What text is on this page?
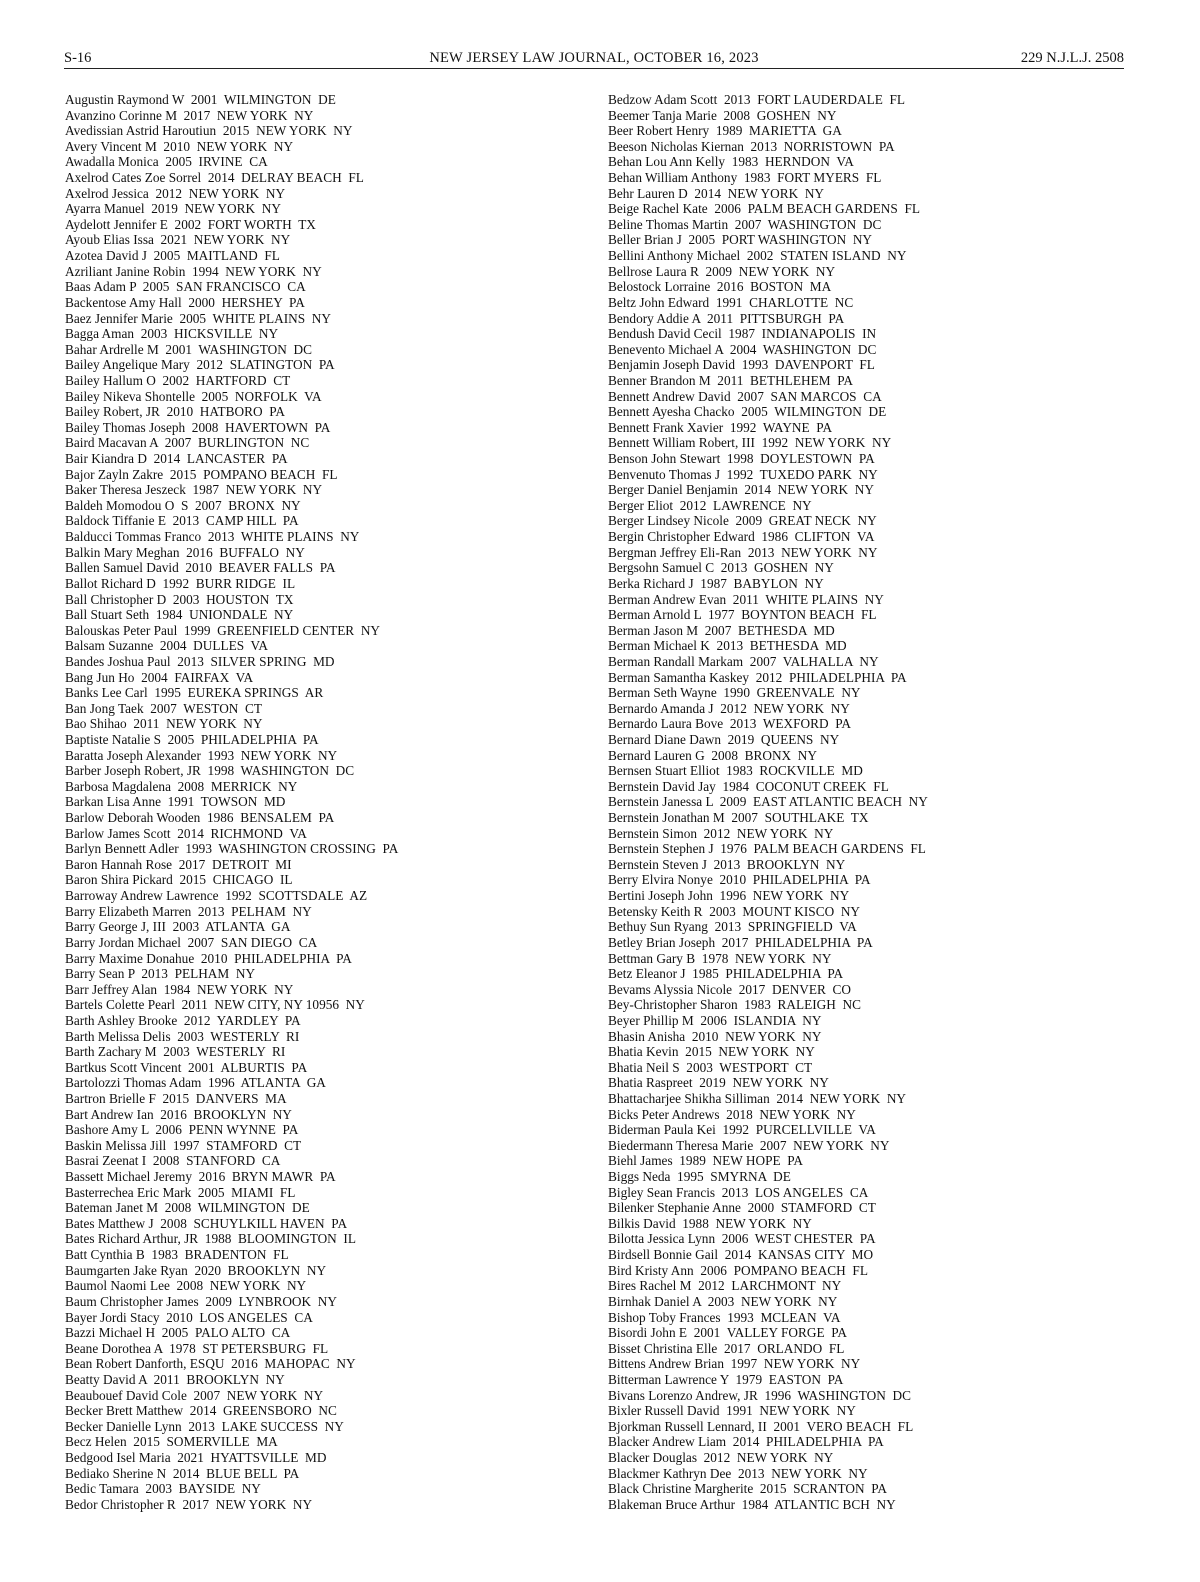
S-16	NEW JERSEY LAW JOURNAL, OCTOBER 16, 2023	229 N.J.L.J. 2508
Augustin Raymond W  2001  WILMINGTON  DE
Avanzino Corinne M  2017  NEW YORK  NY
Avedissian Astrid Haroutiun  2015  NEW YORK  NY
Avery Vincent M  2010  NEW YORK  NY
Awadalla Monica  2005  IRVINE  CA
Axelrod Cates Zoe Sorrel  2014  DELRAY BEACH  FL
Axelrod Jessica  2012  NEW YORK  NY
Ayarra Manuel  2019  NEW YORK  NY
Aydelott Jennifer E  2002  FORT WORTH  TX
Ayoub Elias Issa  2021  NEW YORK  NY
Azotea David J  2005  MAITLAND  FL
Azriliant Janine Robin  1994  NEW YORK  NY
Baas Adam P  2005  SAN FRANCISCO  CA
Backentose Amy Hall  2000  HERSHEY  PA
Baez Jennifer Marie  2005  WHITE PLAINS  NY
Bagga Aman  2003  HICKSVILLE  NY
Bahar Ardrelle M  2001  WASHINGTON  DC
Bailey Angelique Mary  2012  SLATINGTON  PA
Bailey Hallum O  2002  HARTFORD  CT
Bailey Nikeva Shontelle  2005  NORFOLK  VA
Bailey Robert, JR  2010  HATBORO  PA
Bailey Thomas Joseph  2008  HAVERTOWN  PA
Baird Macavan A  2007  BURLINGTON  NC
Bair Kiandra D  2014  LANCASTER  PA
Bajor Zayln Zakre  2015  POMPANO BEACH  FL
Baker Theresa Jeszeck  1987  NEW YORK  NY
Baldeh Momodou O  S  2007  BRONX  NY
Baldock Tiffanie E  2013  CAMP HILL  PA
Balducci Tommas Franco  2013  WHITE PLAINS  NY
Balkin Mary Meghan  2016  BUFFALO  NY
Ballen Samuel David  2010  BEAVER FALLS  PA
Ballot Richard D  1992  BURR RIDGE  IL
Ball Christopher D  2003  HOUSTON  TX
Ball Stuart Seth  1984  UNIONDALE  NY
Balouskas Peter Paul  1999  GREENFIELD CENTER  NY
Balsam Suzanne  2004  DULLES  VA
Bandes Joshua Paul  2013  SILVER SPRING  MD
Bang Jun Ho  2004  FAIRFAX  VA
Banks Lee Carl  1995  EUREKA SPRINGS  AR
Ban Jong Taek  2007  WESTON  CT
Bao Shihao  2011  NEW YORK  NY
Baptiste Natalie S  2005  PHILADELPHIA  PA
Baratta Joseph Alexander  1993  NEW YORK  NY
Barber Joseph Robert, JR  1998  WASHINGTON  DC
Barbosa Magdalena  2008  MERRICK  NY
Barkan Lisa Anne  1991  TOWSON  MD
Barlow Deborah Wooden  1986  BENSALEM  PA
Barlow James Scott  2014  RICHMOND  VA
Barlyn Bennett Adler  1993  WASHINGTON CROSSING  PA
Baron Hannah Rose  2017  DETROIT  MI
Baron Shira Pickard  2015  CHICAGO  IL
Barroway Andrew Lawrence  1992  SCOTTSDALE  AZ
Barry Elizabeth Marren  2013  PELHAM  NY
Barry George J, III  2003  ATLANTA  GA
Barry Jordan Michael  2007  SAN DIEGO  CA
Barry Maxime Donahue  2010  PHILADELPHIA  PA
Barry Sean P  2013  PELHAM  NY
Barr Jeffrey Alan  1984  NEW YORK  NY
Bartels Colette Pearl  2011  NEW CITY, NY 10956  NY
Barth Ashley Brooke  2012  YARDLEY  PA
Barth Melissa Delis  2003  WESTERLY  RI
Barth Zachary M  2003  WESTERLY  RI
Bartkus Scott Vincent  2001  ALBURTIS  PA
Bartolozzi Thomas Adam  1996  ATLANTA  GA
Bartron Brielle F  2015  DANVERS  MA
Bart Andrew Ian  2016  BROOKLYN  NY
Bashore Amy L  2006  PENN WYNNE  PA
Baskin Melissa Jill  1997  STAMFORD  CT
Basrai Zeenat I  2008  STANFORD  CA
Bassett Michael Jeremy  2016  BRYN MAWR  PA
Basterrechea Eric Mark  2005  MIAMI  FL
Bateman Janet M  2008  WILMINGTON  DE
Bates Matthew J  2008  SCHUYLKILL HAVEN  PA
Bates Richard Arthur, JR  1988  BLOOMINGTON  IL
Batt Cynthia B  1983  BRADENTON  FL
Baumgarten Jake Ryan  2020  BROOKLYN  NY
Baumol Naomi Lee  2008  NEW YORK  NY
Baum Christopher James  2009  LYNBROOK  NY
Bayer Jordi Stacy  2010  LOS ANGELES  CA
Bazzi Michael H  2005  PALO ALTO  CA
Beane Dorothea A  1978  ST PETERSBURG  FL
Bean Robert Danforth, ESQU  2016  MAHOPAC  NY
Beatty David A  2011  BROOKLYN  NY
Beaubouef David Cole  2007  NEW YORK  NY
Becker Brett Matthew  2014  GREENSBORO  NC
Becker Danielle Lynn  2013  LAKE SUCCESS  NY
Becz Helen  2015  SOMERVILLE  MA
Bedgood Isel Maria  2021  HYATTSVILLE  MD
Bediako Sherine N  2014  BLUE BELL  PA
Bedic Tamara  2003  BAYSIDE  NY
Bedor Christopher R  2017  NEW YORK  NY
Bedzow Adam Scott  2013  FORT LAUDERDALE  FL
Beemer Tanja Marie  2008  GOSHEN  NY
Beer Robert Henry  1989  MARIETTA  GA
Beeson Nicholas Kiernan  2013  NORRISTOWN  PA
Behan Lou Ann Kelly  1983  HERNDON  VA
Behan William Anthony  1983  FORT MYERS  FL
Behr Lauren D  2014  NEW YORK  NY
Beige Rachel Kate  2006  PALM BEACH GARDENS  FL
Beline Thomas Martin  2007  WASHINGTON  DC
Beller Brian J  2005  PORT WASHINGTON  NY
Bellini Anthony Michael  2002  STATEN ISLAND  NY
Bellrose Laura R  2009  NEW YORK  NY
Belostock Lorraine  2016  BOSTON  MA
Beltz John Edward  1991  CHARLOTTE  NC
Bendory Addie A  2011  PITTSBURGH  PA
Bendush David Cecil  1987  INDIANAPOLIS  IN
Benevento Michael A  2004  WASHINGTON  DC
Benjamin Joseph David  1993  DAVENPORT  FL
Benner Brandon M  2011  BETHLEHEM  PA
Bennett Andrew David  2007  SAN MARCOS  CA
Bennett Ayesha Chacko  2005  WILMINGTON  DE
Bennett Frank Xavier  1992  WAYNE  PA
Bennett William Robert, III  1992  NEW YORK  NY
Benson John Stewart  1998  DOYLESTOWN  PA
Benvenuto Thomas J  1992  TUXEDO PARK  NY
Berger Daniel Benjamin  2014  NEW YORK  NY
Berger Eliot  2012  LAWRENCE  NY
Berger Lindsey Nicole  2009  GREAT NECK  NY
Bergin Christopher Edward  1986  CLIFTON  VA
Bergman Jeffrey Eli-Ran  2013  NEW YORK  NY
Bergsohn Samuel C  2013  GOSHEN  NY
Berka Richard J  1987  BABYLON  NY
Berman Andrew Evan  2011  WHITE PLAINS  NY
Berman Arnold L  1977  BOYNTON BEACH  FL
Berman Jason M  2007  BETHESDA  MD
Berman Michael K  2013  BETHESDA  MD
Berman Randall Markam  2007  VALHALLA  NY
Berman Samantha Kaskey  2012  PHILADELPHIA  PA
Berman Seth Wayne  1990  GREENVALE  NY
Bernardo Amanda J  2012  NEW YORK  NY
Bernardo Laura Bove  2013  WEXFORD  PA
Bernard Diane Dawn  2019  QUEENS  NY
Bernard Lauren G  2008  BRONX  NY
Bernsen Stuart Elliot  1983  ROCKVILLE  MD
Bernstein David Jay  1984  COCONUT CREEK  FL
Bernstein Janessa L  2009  EAST ATLANTIC BEACH  NY
Bernstein Jonathan M  2007  SOUTHLAKE  TX
Bernstein Simon  2012  NEW YORK  NY
Bernstein Stephen J  1976  PALM BEACH GARDENS  FL
Bernstein Steven J  2013  BROOKLYN  NY
Berry Elvira Nonye  2010  PHILADELPHIA  PA
Bertini Joseph John  1996  NEW YORK  NY
Betensky Keith R  2003  MOUNT KISCO  NY
Bethuy Sun Ryang  2013  SPRINGFIELD  VA
Betley Brian Joseph  2017  PHILADELPHIA  PA
Bettman Gary B  1978  NEW YORK  NY
Betz Eleanor J  1985  PHILADELPHIA  PA
Bevams Alyssia Nicole  2017  DENVER  CO
Bey-Christopher Sharon  1983  RALEIGH  NC
Beyer Phillip M  2006  ISLANDIA  NY
Bhasin Anisha  2010  NEW YORK  NY
Bhatia Kevin  2015  NEW YORK  NY
Bhatia Neil S  2003  WESTPORT  CT
Bhatia Raspreet  2019  NEW YORK  NY
Bhattacharjee Shikha Silliman  2014  NEW YORK  NY
Bicks Peter Andrews  2018  NEW YORK  NY
Biderman Paula Kei  1992  PURCELLVILLE  VA
Biedermann Theresa Marie  2007  NEW YORK  NY
Biehl James  1989  NEW HOPE  PA
Biggs Neda  1995  SMYRNA  DE
Bigley Sean Francis  2013  LOS ANGELES  CA
Bilenker Stephanie Anne  2000  STAMFORD  CT
Bilkis David  1988  NEW YORK  NY
Bilotta Jessica Lynn  2006  WEST CHESTER  PA
Birdsell Bonnie Gail  2014  KANSAS CITY  MO
Bird Kristy Ann  2006  POMPANO BEACH  FL
Bires Rachel M  2012  LARCHMONT  NY
Birnhak Daniel A  2003  NEW YORK  NY
Bishop Toby Frances  1993  MCLEAN  VA
Bisordi John E  2001  VALLEY FORGE  PA
Bisset Christina Elle  2017  ORLANDO  FL
Bittens Andrew Brian  1997  NEW YORK  NY
Bitterman Lawrence Y  1979  EASTON  PA
Bivans Lorenzo Andrew, JR  1996  WASHINGTON  DC
Bixler Russell David  1991  NEW YORK  NY
Bjorkman Russell Lennard, II  2001  VERO BEACH  FL
Blacker Andrew Liam  2014  PHILADELPHIA  PA
Blacker Douglas  2012  NEW YORK  NY
Blackmer Kathryn Dee  2013  NEW YORK  NY
Black Christine Margherite  2015  SCRANTON  PA
Blakeman Bruce Arthur  1984  ATLANTIC BCH  NY
